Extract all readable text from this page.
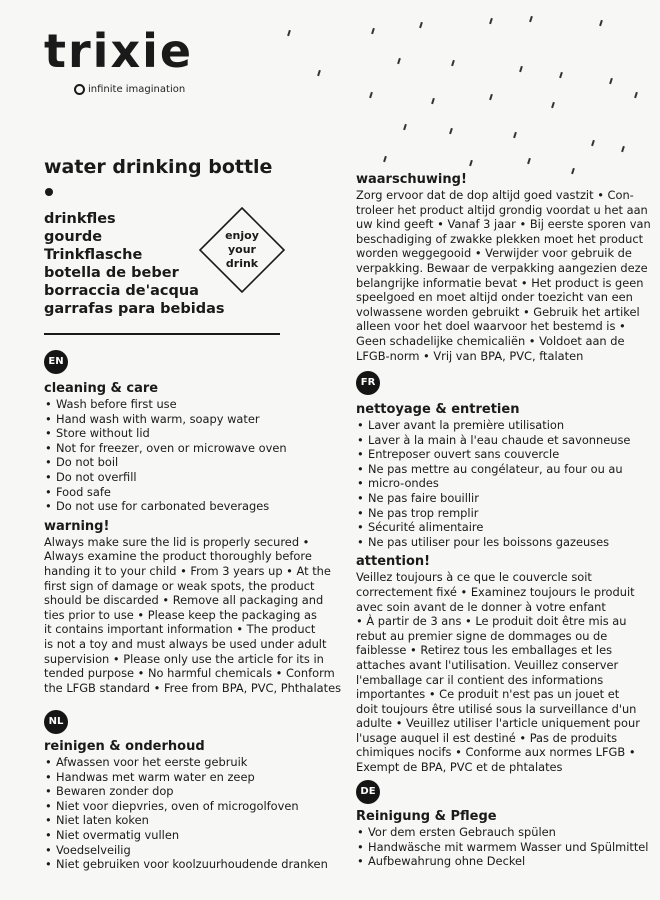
trixie
infinite imagination
water drinking bottle
drinkfles
gourde
Trinkflasche
botella de beber
borraccia de'acqua
garrafas para bebidas
enjoy
your
drink
EN
cleaning & care
• Wash before first use
• Hand wash with warm, soapy water
• Store without lid
• Not for freezer, oven or microwave oven
• Do not boil
• Do not overfill
• Food safe
• Do not use for carbonated beverages
warning!

Always make sure the lid is properly secured •

Always examine the product thoroughly before

handing it to your child • From 3 years up • At the

first sign of damage or weak spots, the product

should be discarded • Remove all packaging and

ties prior to use • Please keep the packaging as

it contains important information • The product

is not a toy and must always be used under adult

supervision • Please only use the article for its in

tended purpose • No harmful chemicals • Conform

the LFGB standard • Free from BPA, PVC, Phthalates

NL
reinigen & onderhoud
• Afwassen voor het eerste gebruik
• Handwas met warm water en zeep
• Bewaren zonder dop
• Niet voor diepvries, oven of microgolfoven
• Niet laten koken
• Niet overmatig vullen
• Voedselveilig
• Niet gebruiken voor koolzuurhoudende dranken
waarschuwing!

Zorg ervoor dat de dop altijd goed vastzit • Con-

troleer het product altijd grondig voordat u het aan

uw kind geeft • Vanaf 3 jaar • Bij eerste sporen van

beschadiging of zwakke plekken moet het product

worden weggegooid • Verwijder voor gebruik de

verpakking. Bewaar de verpakking aangezien deze

belangrijke informatie bevat • Het product is geen

speelgoed en moet altijd onder toezicht van een

volwassene worden gebruikt • Gebruik het artikel

alleen voor het doel waarvoor het bestemd is •

Geen schadelijke chemicaliën • Voldoet aan de

LFGB-norm • Vrij van BPA, PVC, ftalaten

FR
nettoyage & entretien
• Laver avant la première utilisation
• Laver à la main à l'eau chaude et savonneuse
• Entreposer ouvert sans couvercle
• Ne pas mettre au congélateur, au four ou au
• micro-ondes
• Ne pas faire bouillir
• Ne pas trop remplir
• Sécurité alimentaire
• Ne pas utiliser pour les boissons gazeuses
attention!

Veillez toujours à ce que le couvercle soit

correctement fixé • Examinez toujours le produit

avec soin avant de le donner à votre enfant

• À partir de 3 ans • Le produit doit être mis au

rebut au premier signe de dommages ou de

faiblesse • Retirez tous les emballages et les

attaches avant l'utilisation. Veuillez conserver

l'emballage car il contient des informations

importantes • Ce produit n'est pas un jouet et

doit toujours être utilisé sous la surveillance d'un

adulte • Veuillez utiliser l'article uniquement pour

l'usage auquel il est destiné • Pas de produits

chimiques nocifs • Conforme aux normes LFGB •

Exempt de BPA, PVC et de phtalates

DE
Reinigung & Pflege
• Vor dem ersten Gebrauch spülen
• Handwäsche mit warmem Wasser und Spülmittel
• Aufbewahrung ohne Deckel
